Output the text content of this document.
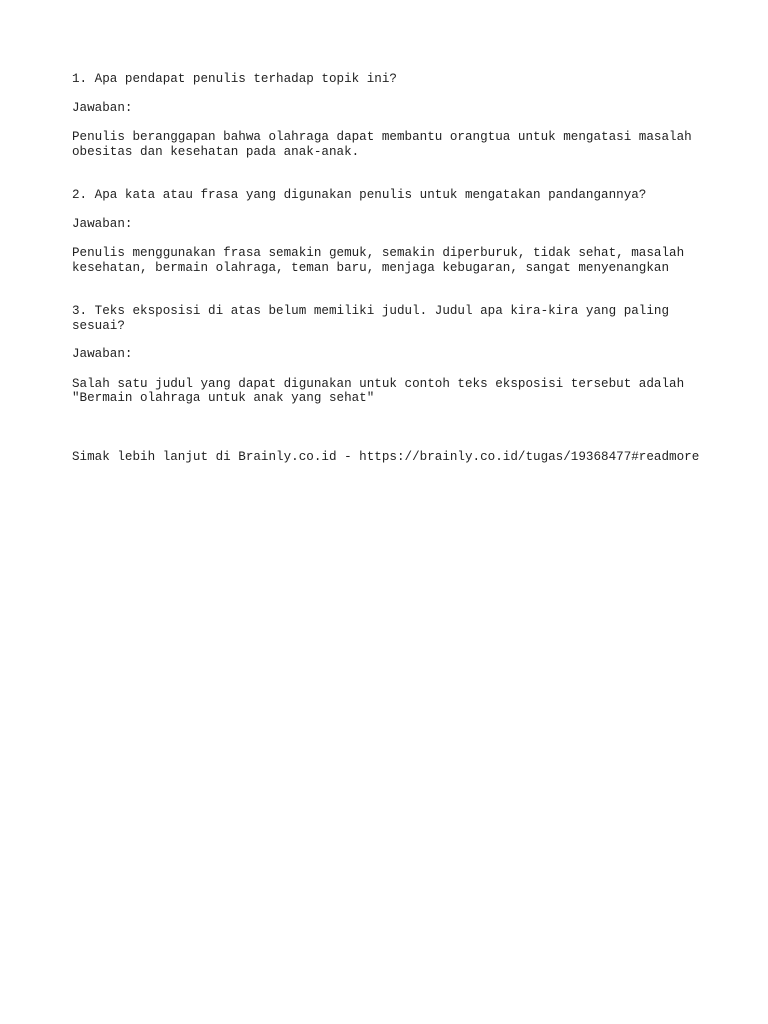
1. Apa pendapat penulis terhadap topik ini?

Jawaban:

Penulis beranggapan bahwa olahraga dapat membantu orangtua untuk mengatasi masalah
obesitas dan kesehatan pada anak-anak.

2. Apa kata atau frasa yang digunakan penulis untuk mengatakan pandangannya?

Jawaban:

Penulis menggunakan frasa semakin gemuk, semakin diperburuk, tidak sehat, masalah
kesehatan, bermain olahraga, teman baru, menjaga kebugaran, sangat menyenangkan

3. Teks eksposisi di atas belum memiliki judul. Judul apa kira-kira yang paling
sesuai?

Jawaban:

Salah satu judul yang dapat digunakan untuk contoh teks eksposisi tersebut adalah
"Bermain olahraga untuk anak yang sehat"

Simak lebih lanjut di Brainly.co.id - https://brainly.co.id/tugas/19368477#readmore
